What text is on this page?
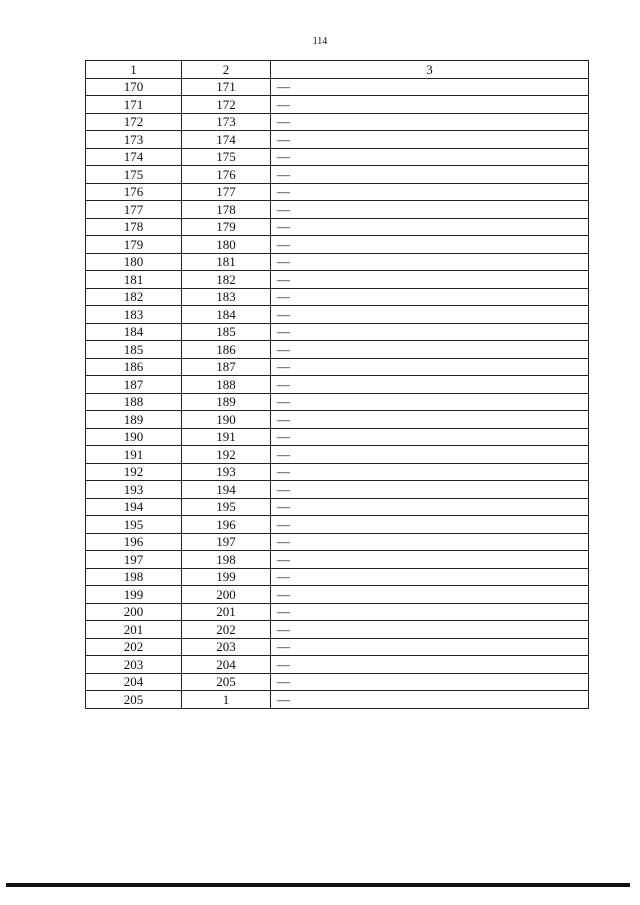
114
1	2	3
170	171	—
171	172	—
172	173	—
173	174	—
174	175	—
175	176	—
176	177	—
177	178	—
178	179	—
179	180	—
180	181	—
181	182	—
182	183	—
183	184	—
184	185	—
185	186	—
186	187	—
187	188	—
188	189	—
189	190	—
190	191	—
191	192	—
192	193	—
193	194	—
194	195	—
195	196	—
196	197	—
197	198	—
198	199	—
199	200	—
200	201	—
201	202	—
202	203	—
203	204	—
204	205	—
205	1	—
